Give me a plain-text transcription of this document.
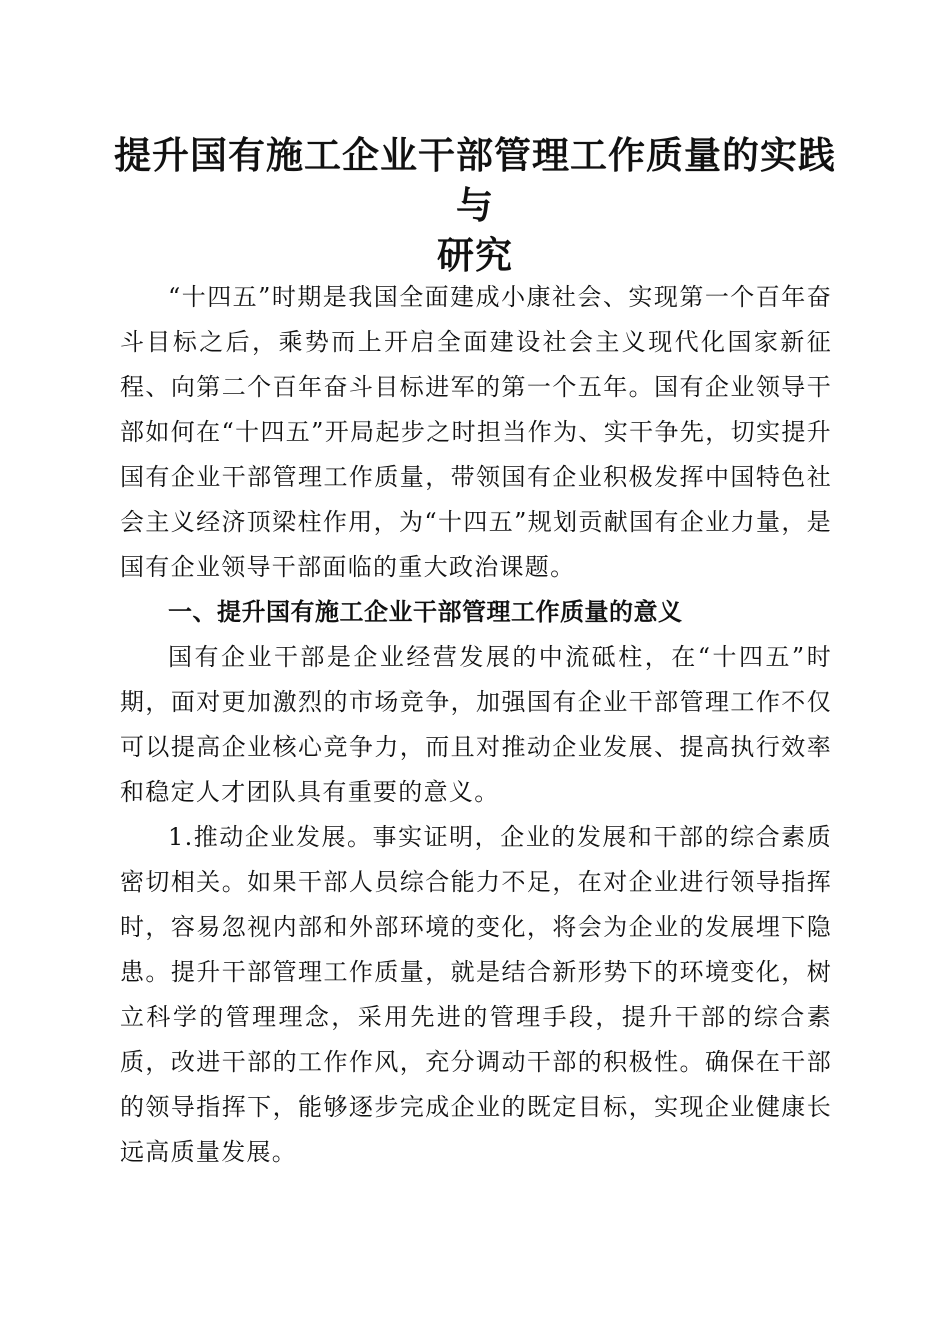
提升国有施工企业干部管理工作质量的实践与
研究

“十四五”时期是我国全面建成小康社会、实现第一个百年奋斗目标之后，乘势而上开启全面建设社会主义现代化国家新征程、向第二个百年奋斗目标进军的第一个五年。国有企业领导干部如何在“十四五”开局起步之时担当作为、实干争先，切实提升国有企业干部管理工作质量，带领国有企业积极发挥中国特色社会主义经济顶梁柱作用，为“十四五”规划贡献国有企业力量，是国有企业领导干部面临的重大政治课题。

一、提升国有施工企业干部管理工作质量的意义

国有企业干部是企业经营发展的中流砥柱，在“十四五”时期，面对更加激烈的市场竞争，加强国有企业干部管理工作不仅可以提高企业核心竞争力，而且对推动企业发展、提高执行效率和稳定人才团队具有重要的意义。

1.推动企业发展。事实证明，企业的发展和干部的综合素质密切相关。如果干部人员综合能力不足，在对企业进行领导指挥时，容易忽视内部和外部环境的变化，将会为企业的发展埋下隐患。提升干部管理工作质量，就是结合新形势下的环境变化，树立科学的管理理念，采用先进的管理手段，提升干部的综合素质，改进干部的工作作风，充分调动干部的积极性。确保在干部的领导指挥下，能够逐步完成企业的既定目标，实现企业健康长远高质量发展。
